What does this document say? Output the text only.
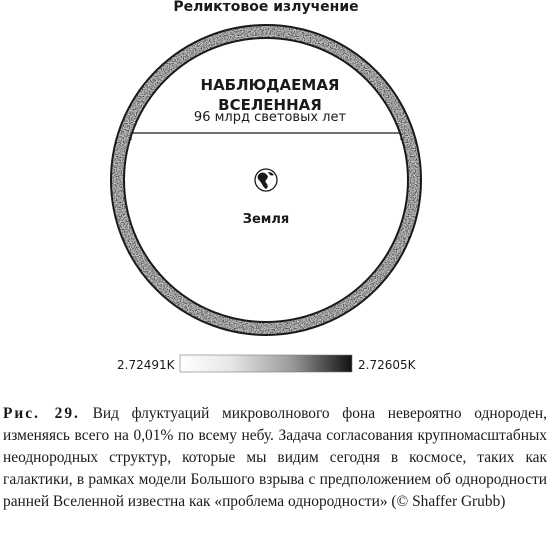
Реликтовое излучение
НАБЛЮДАЕМАЯ
ВСЕЛЕННАЯ
96 млрд световых лет
Земля
2.72491K	2.72605K

Рис. 29. Вид флуктуаций микроволнового фона невероятно однороден, изменяясь всего на 0,01% по всему небу. Задача согласования крупномасштабных неоднородных структур, которые мы видим сегодня в космосе, таких как галактики, в рамках модели Большого взрыва с предположением об однородности ранней Вселенной известна как «проблема однородности» (© Shaffer Grubb)
